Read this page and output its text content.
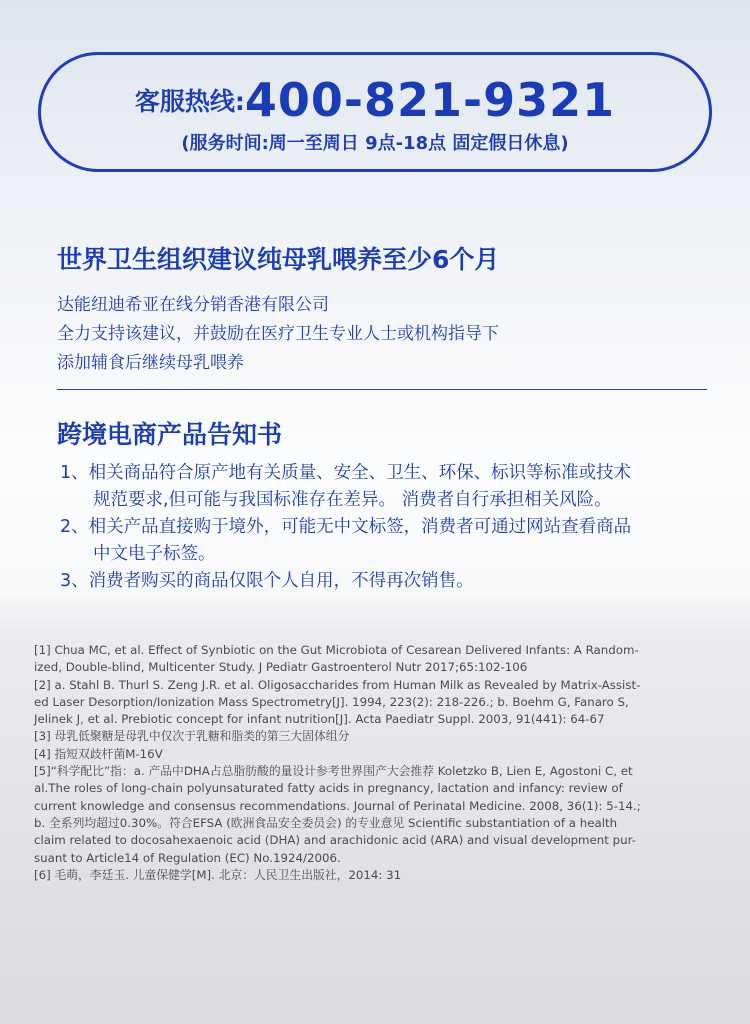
客服热线:400-821-9321
(服务时间:周一至周日 9点-18点 固定假日休息)
世界卫生组织建议纯母乳喂养至少6个月
达能纽迪希亚在线分销香港有限公司
全力支持该建议，并鼓励在医疗卫生专业人士或机构指导下
添加辅食后继续母乳喂养
跨境电商产品告知书
1、相关商品符合原产地有关质量、安全、卫生、环保、标识等标准或技术
规范要求,但可能与我国标准存在差异。 消费者自行承担相关风险。
2、相关产品直接购于境外，可能无中文标签，消费者可通过网站查看商品
中文电子标签。
3、消费者购买的商品仅限个人自用，不得再次销售。
[1] Chua MC, et al. Effect of Synbiotic on the Gut Microbiota of Cesarean Delivered Infants: A Random-
ized, Double-blind, Multicenter Study. J Pediatr Gastroenterol Nutr 2017;65:102-106
[2] a. Stahl B. Thurl S. Zeng J.R. et al. Oligosaccharides from Human Milk as Revealed by Matrix-Assist-
ed Laser Desorption/Ionization Mass Spectrometry[J]. 1994, 223(2): 218-226.; b. Boehm G, Fanaro S,
Jelinek J, et al. Prebiotic concept for infant nutrition[J]. Acta Paediatr Suppl. 2003, 91(441): 64-67
[3] 母乳低聚糖是母乳中仅次于乳糖和脂类的第三大固体组分
[4] 指短双歧杆菌M-16V
[5]“科学配比”指：a. 产品中DHA占总脂肪酸的量设计参考世界围产大会推荐 Koletzko B, Lien E, Agostoni C, et
al.The roles of long-chain polyunsaturated fatty acids in pregnancy, lactation and infancy: review of
current knowledge and consensus recommendations. Journal of Perinatal Medicine. 2008, 36(1): 5-14.;
b. 全系列均超过0.30%。符合EFSA (欧洲食品安全委员会) 的专业意见 Scientific substantiation of a health
claim related to docosahexaenoic acid (DHA) and arachidonic acid (ARA) and visual development pur-
suant to Article14 of Regulation (EC) No.1924/2006.
[6] 毛萌，李廷玉. 儿童保健学[M]. 北京：人民卫生出版社，2014: 31
